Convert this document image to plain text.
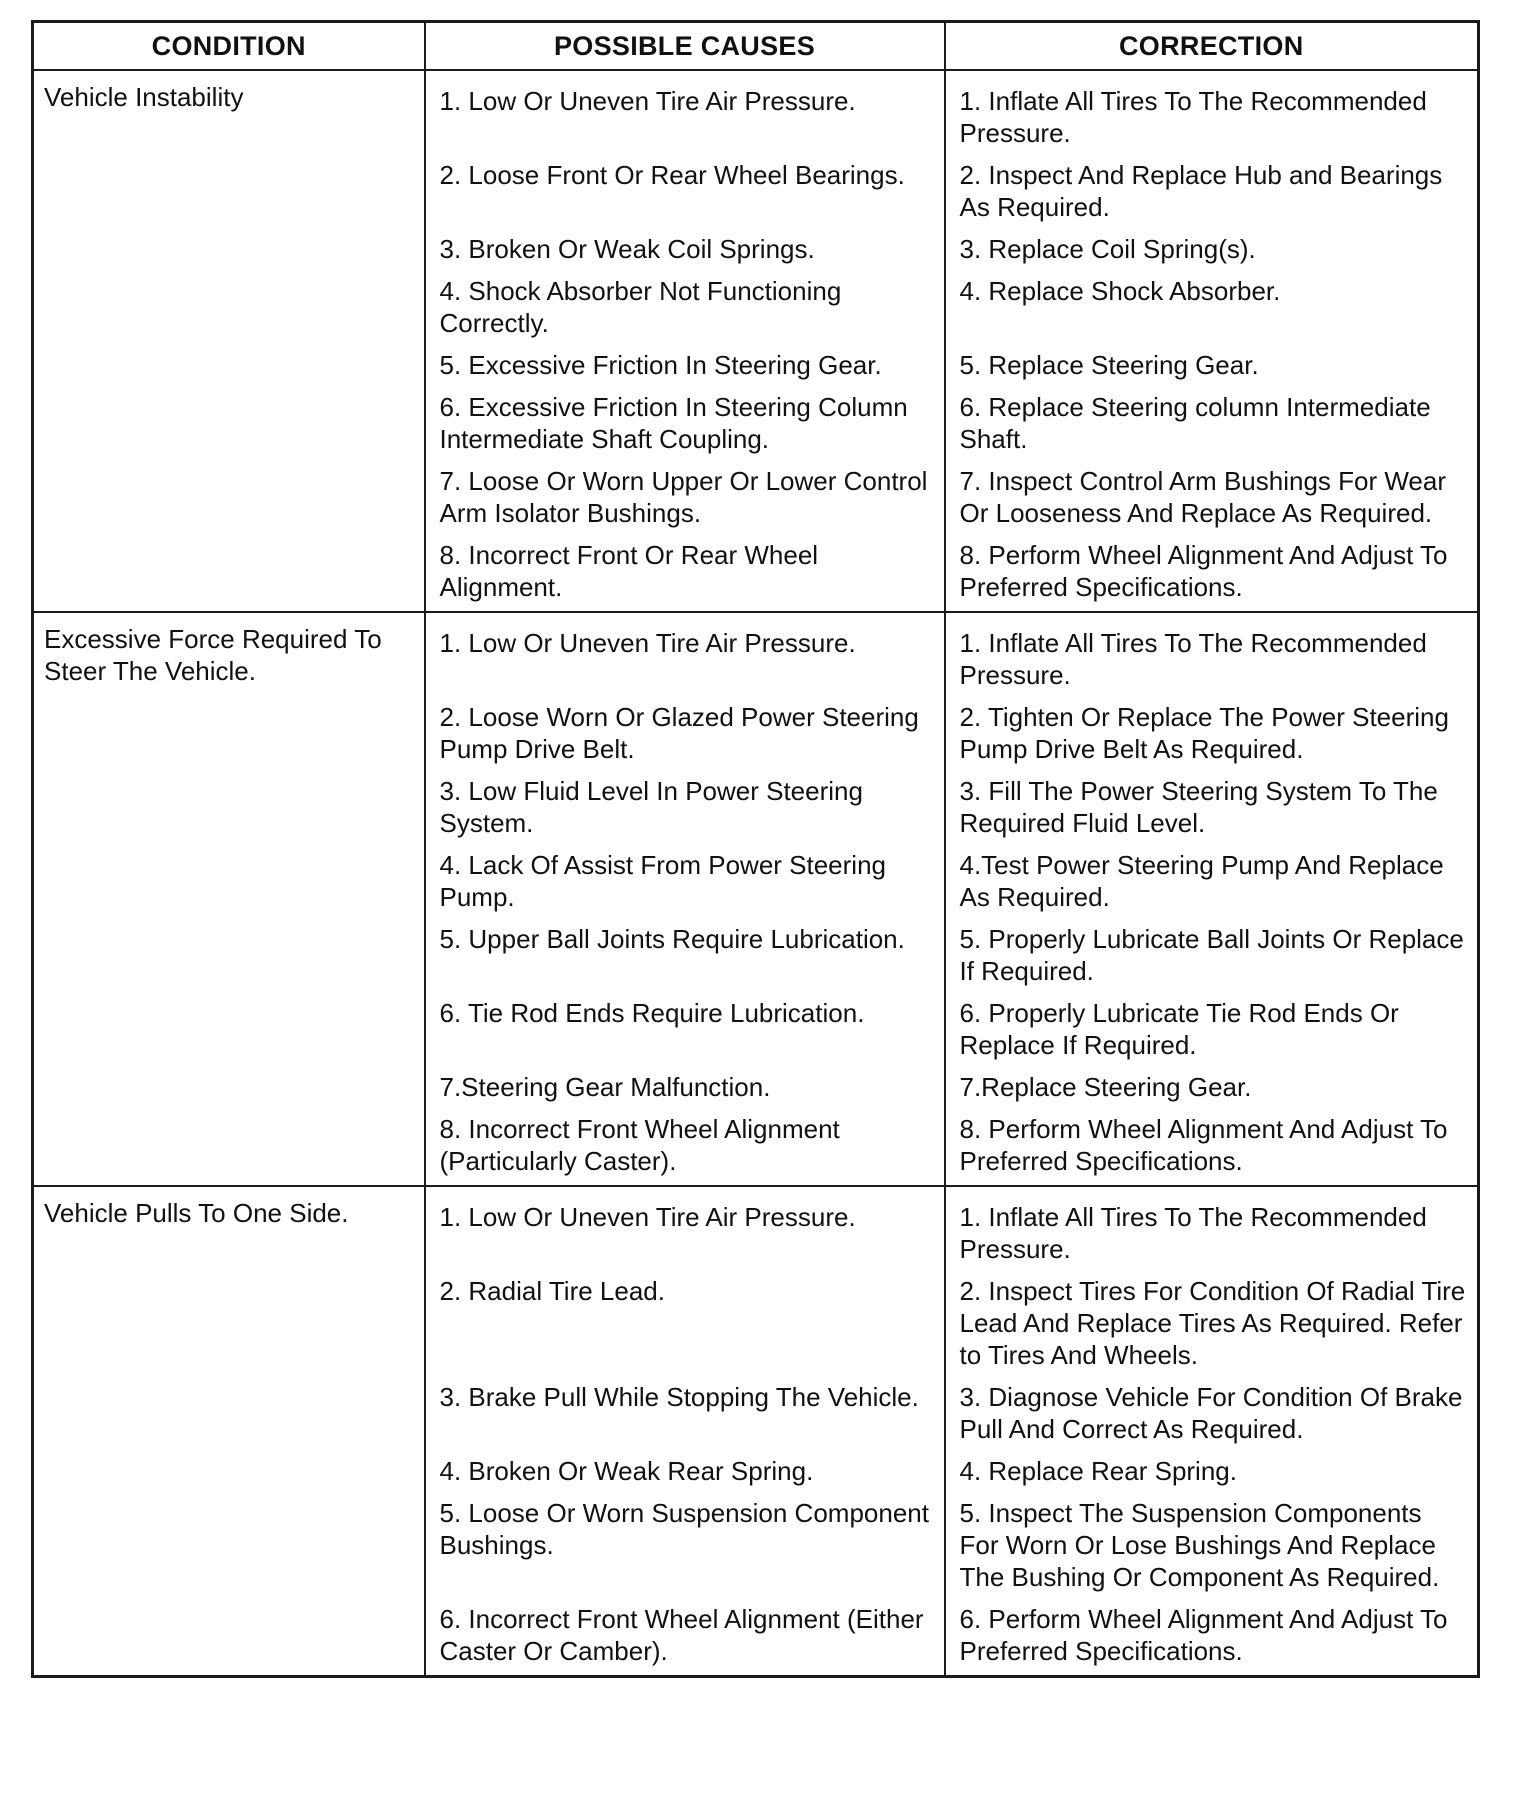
CONDITION	POSSIBLE CAUSES	CORRECTION
Vehicle Instability	1. Low Or Uneven Tire Air Pressure.	1. Inflate All Tires To The Recommended Pressure.
	2. Loose Front Or Rear Wheel Bearings.	2. Inspect And Replace Hub and Bearings As Required.
	3. Broken Or Weak Coil Springs.	3. Replace Coil Spring(s).
	4. Shock Absorber Not Functioning Correctly.	4. Replace Shock Absorber.
	5. Excessive Friction In Steering Gear.	5. Replace Steering Gear.
	6. Excessive Friction In Steering Column Intermediate Shaft Coupling.	6. Replace Steering column Intermediate Shaft.
	7. Loose Or Worn Upper Or Lower Control Arm Isolator Bushings.	7. Inspect Control Arm Bushings For Wear Or Looseness And Replace As Required.
	8. Incorrect Front Or Rear Wheel Alignment.	8. Perform Wheel Alignment And Adjust To Preferred Specifications.
Excessive Force Required To Steer The Vehicle.	1. Low Or Uneven Tire Air Pressure.	1. Inflate All Tires To The Recommended Pressure.
	2. Loose Worn Or Glazed Power Steering Pump Drive Belt.	2. Tighten Or Replace The Power Steering Pump Drive Belt As Required.
	3. Low Fluid Level In Power Steering System.	3. Fill The Power Steering System To The Required Fluid Level.
	4. Lack Of Assist From Power Steering Pump.	4.Test Power Steering Pump And Replace As Required.
	5. Upper Ball Joints Require Lubrication.	5. Properly Lubricate Ball Joints Or Replace If Required.
	6. Tie Rod Ends Require Lubrication.	6. Properly Lubricate Tie Rod Ends Or Replace If Required.
	7.Steering Gear Malfunction.	7.Replace Steering Gear.
	8. Incorrect Front Wheel Alignment (Particularly Caster).	8. Perform Wheel Alignment And Adjust To Preferred Specifications.
Vehicle Pulls To One Side.	1. Low Or Uneven Tire Air Pressure.	1. Inflate All Tires To The Recommended Pressure.
	2. Radial Tire Lead.	2. Inspect Tires For Condition Of Radial Tire Lead And Replace Tires As Required. Refer to Tires And Wheels.
	3. Brake Pull While Stopping The Vehicle.	3. Diagnose Vehicle For Condition Of Brake Pull And Correct As Required.
	4. Broken Or Weak Rear Spring.	4. Replace Rear Spring.
	5. Loose Or Worn Suspension Component Bushings.	5. Inspect The Suspension Components For Worn Or Lose Bushings And Replace The Bushing Or Component As Required.
	6. Incorrect Front Wheel Alignment (Either Caster Or Camber).	6. Perform Wheel Alignment And Adjust To Preferred Specifications.
